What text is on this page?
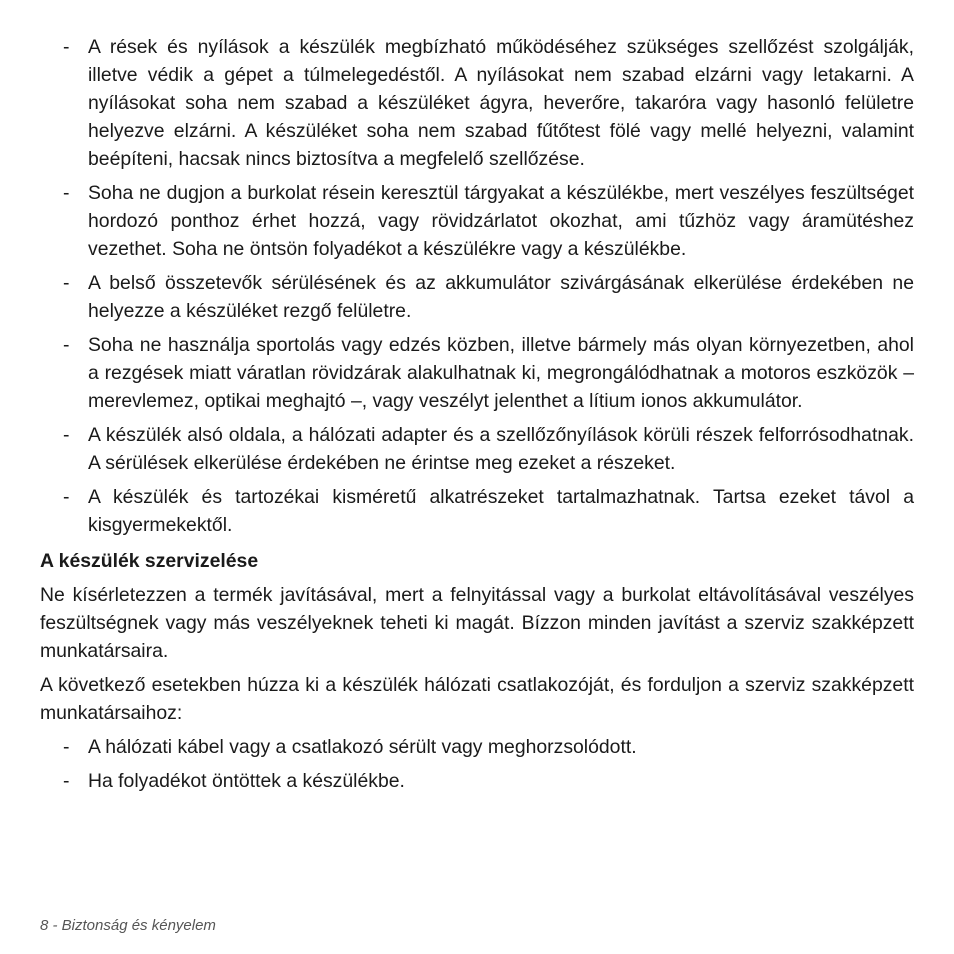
- A rések és nyílások a készülék megbízható működéséhez szükséges szellőzést szolgálják, illetve védik a gépet a túlmelegedéstől. A nyílásokat nem szabad elzárni vagy letakarni. A nyílásokat soha nem szabad a készüléket ágyra, heverőre, takaróra vagy hasonló felületre helyezve elzárni. A készüléket soha nem szabad fűtőtest fölé vagy mellé helyezni, valamint beépíteni, hacsak nincs biztosítva a megfelelő szellőzése.
- Soha ne dugjon a burkolat résein keresztül tárgyakat a készülékbe, mert veszélyes feszültséget hordozó ponthoz érhet hozzá, vagy rövidzárlatot okozhat, ami tűzhöz vagy áramütéshez vezethet. Soha ne öntsön folyadékot a készülékre vagy a készülékbe.
- A belső összetevők sérülésének és az akkumulátor szivárgásának elkerülése érdekében ne helyezze a készüléket rezgő felületre.
- Soha ne használja sportolás vagy edzés közben, illetve bármely más olyan környezetben, ahol a rezgések miatt váratlan rövidzárak alakulhatnak ki, megrongálódhatnak a motoros eszközök – merevlemez, optikai meghajtó –, vagy veszélyt jelenthet a lítium ionos akkumulátor.
- A készülék alsó oldala, a hálózati adapter és a szellőzőnyílások körüli részek felforrósodhatnak. A sérülések elkerülése érdekében ne érintse meg ezeket a részeket.
- A készülék és tartozékai kisméretű alkatrészeket tartalmazhatnak. Tartsa ezeket távol a kisgyermekektől.
A készülék szervizelése

Ne kísérletezzen a termék javításával, mert a felnyitással vagy a burkolat eltávolításával veszélyes feszültségnek vagy más veszélyeknek teheti ki magát. Bízzon minden javítást a szerviz szakképzett munkatársaira.

A következő esetekben húzza ki a készülék hálózati csatlakozóját, és forduljon a szerviz szakképzett munkatársaihoz:

- A hálózati kábel vagy a csatlakozó sérült vagy meghorzsolódott.
- Ha folyadékot öntöttek a készülékbe.
8 - Biztonság és kényelem
